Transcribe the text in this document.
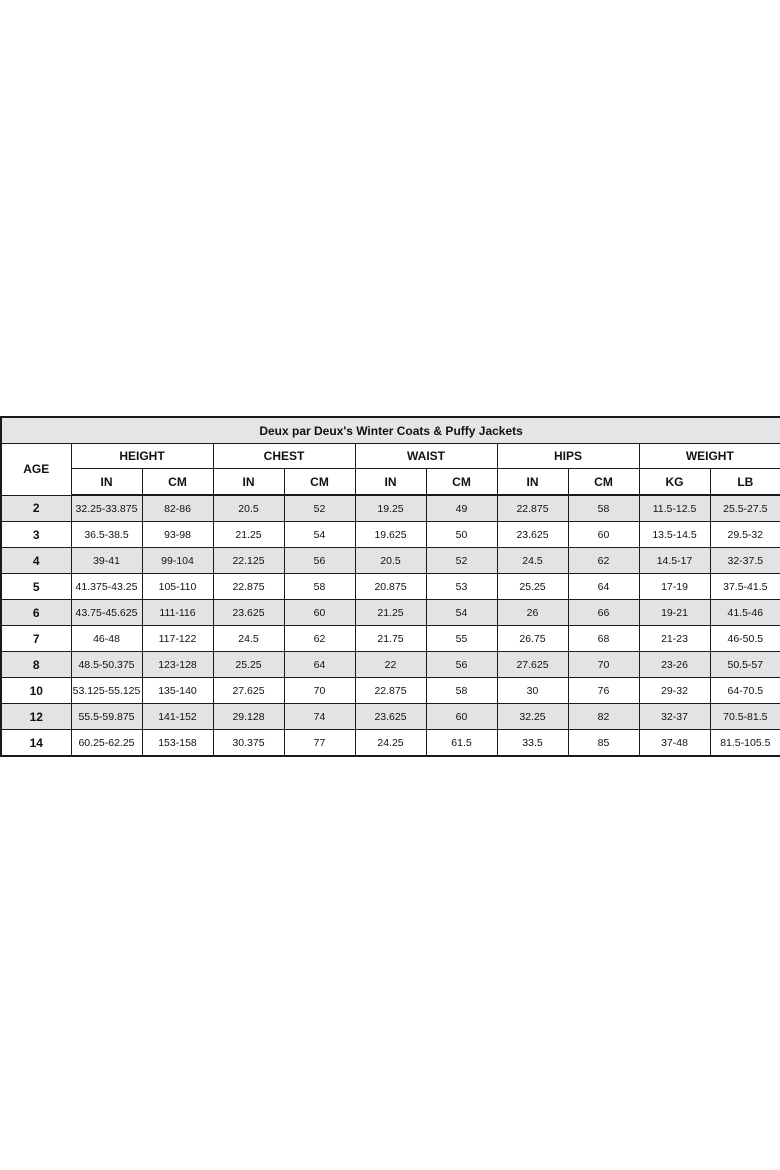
Deux par Deux's Winter Coats & Puffy Jackets										
AGE	HEIGHT		CHEST		WAIST		HIPS		WEIGHT	
	IN	CM	IN	CM	IN	CM	IN	CM	KG	LB
2	32.25-33.875	82-86	20.5	52	19.25	49	22.875	58	11.5-12.5	25.5-27.5
3	36.5-38.5	93-98	21.25	54	19.625	50	23.625	60	13.5-14.5	29.5-32
4	39-41	99-104	22.125	56	20.5	52	24.5	62	14.5-17	32-37.5
5	41.375-43.25	105-110	22.875	58	20.875	53	25.25	64	17-19	37.5-41.5
6	43.75-45.625	111-116	23.625	60	21.25	54	26	66	19-21	41.5-46
7	46-48	117-122	24.5	62	21.75	55	26.75	68	21-23	46-50.5
8	48.5-50.375	123-128	25.25	64	22	56	27.625	70	23-26	50.5-57
10	53.125-55.125	135-140	27.625	70	22.875	58	30	76	29-32	64-70.5
12	55.5-59.875	141-152	29.128	74	23.625	60	32.25	82	32-37	70.5-81.5
14	60.25-62.25	153-158	30.375	77	24.25	61.5	33.5	85	37-48	81.5-105.5
